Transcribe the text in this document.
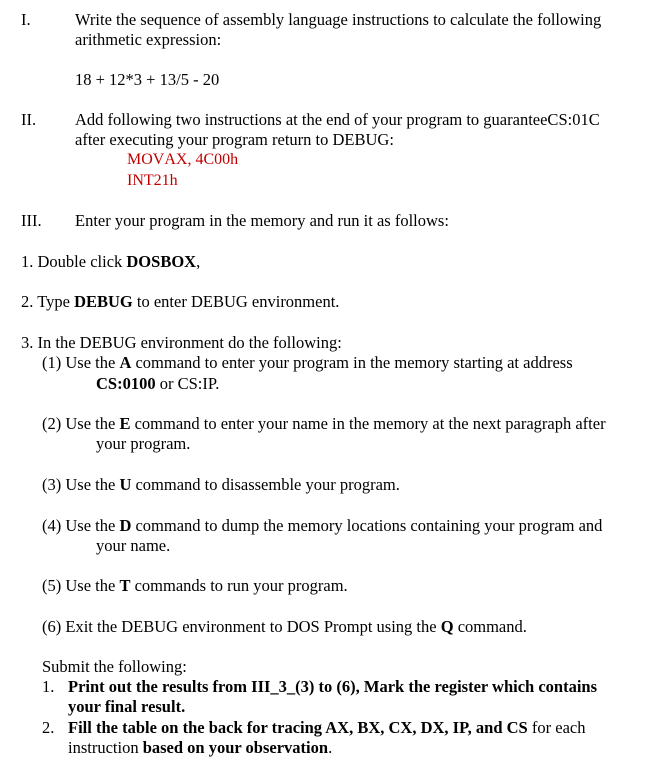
I.	Write the sequence of assembly language instructions to calculate the following
arithmetic expression:
18 + 12*3 + 13/5 - 20
II. Add following two instructions at the end of your program to guaranteeCS:01C
after executing your program return to DEBUG:
MOVAX, 4C00h
INT21h
III. Enter your program in the memory and run it as follows:
1. Double click DOSBOX,
2. Type DEBUG to enter DEBUG environment.
3. In the DEBUG environment do the following:
(1) Use the A command to enter your program in the memory starting at address
CS:0100 or CS:IP.
(2) Use the E command to enter your name in the memory at the next paragraph after
your program.
(3) Use the U command to disassemble your program.
(4) Use the D command to dump the memory locations containing your program and
your name.
(5) Use the T commands to run your program.
(6) Exit the DEBUG environment to DOS Prompt using the Q command.
Submit the following:
1. Print out the results from III_3_(3) to (6), Mark the register which contains
your final result.
2. Fill the table on the back for tracing AX, BX, CX, DX, IP, and CS for each
instruction based on your observation.
